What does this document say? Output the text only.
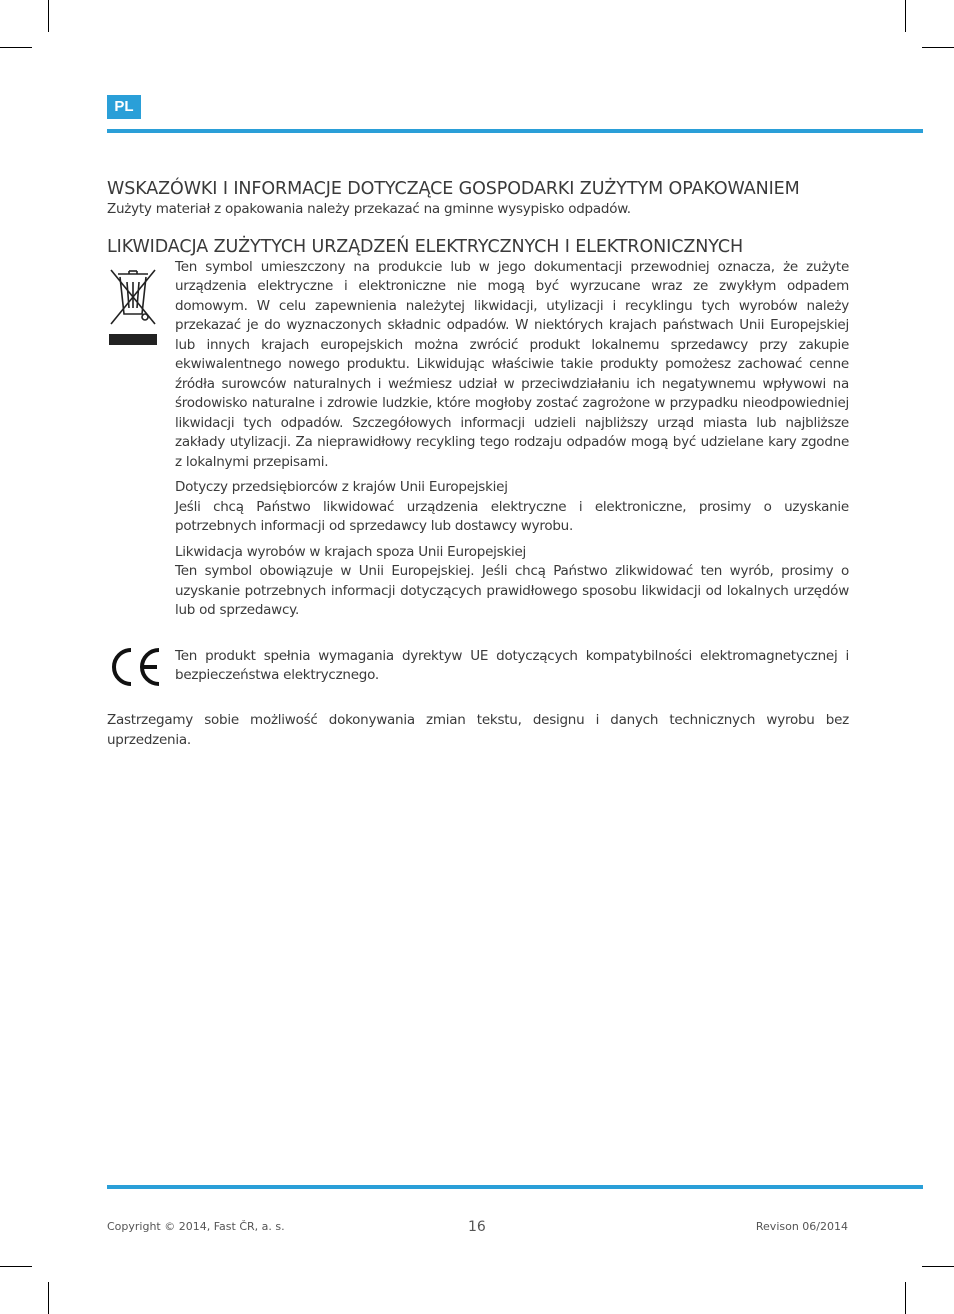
PL
WSKAZÓWKI I INFORMACJE DOTYCZĄCE GOSPODARKI ZUŻYTYM OPAKOWANIEM

Zużyty materiał z opakowania należy przekazać na gminne wysypisko odpadów.

LIKWIDACJA ZUŻYTYCH URZĄDZEŃ ELEKTRYCZNYCH I ELEKTRONICZNYCH

Ten symbol umieszczony na produkcie lub w jego dokumentacji przewodniej oznacza, że zużyte urządzenia elektryczne i elektroniczne nie mogą być wyrzucane wraz ze zwykłym odpadem domowym. W celu zapewnienia należytej likwidacji, utylizacji i recyklingu tych wyrobów należy przekazać je do wyznaczonych składnic odpadów. W niektórych krajach państwach Unii Europejskiej lub innych krajach europejskich można zwrócić produkt lokalnemu sprzedawcy przy zakupie ekwiwalentnego nowego produktu. Likwidując właściwie takie produkty pomożesz zachować cenne źródła surowców naturalnych i weźmiesz udział w przeciwdziałaniu ich negatywnemu wpływowi na środowisko naturalne i zdrowie ludzkie, które mogłoby zostać zagrożone w przypadku nieodpowiedniej likwidacji tych odpadów. Szczegółowych informacji udzieli najbliższy urząd miasta lub najbliższe zakłady utylizacji. Za nieprawidłowy recykling tego rodzaju odpadów mogą być udzielane kary zgodne z lokalnymi przepisami.

Dotyczy przedsiębiorców z krajów Unii Europejskiej
Jeśli chcą Państwo likwidować urządzenia elektryczne i elektroniczne, prosimy o uzyskanie potrzebnych informacji od sprzedawcy lub dostawcy wyrobu.

Likwidacja wyrobów w krajach spoza Unii Europejskiej
Ten symbol obowiązuje w Unii Europejskiej. Jeśli chcą Państwo zlikwidować ten wyrób, prosimy o uzyskanie potrzebnych informacji dotyczących prawidłowego sposobu likwidacji od lokalnych urzędów lub od sprzedawcy.

Ten produkt spełnia wymagania dyrektyw UE dotyczących kompatybilności elektromagnetycznej i bezpieczeństwa elektrycznego.

Zastrzegamy sobie możliwość dokonywania zmian tekstu, designu i danych technicznych wyrobu bez uprzedzenia.

Copyright © 2014, Fast ČR, a. s.	16	Revison 06/2014
